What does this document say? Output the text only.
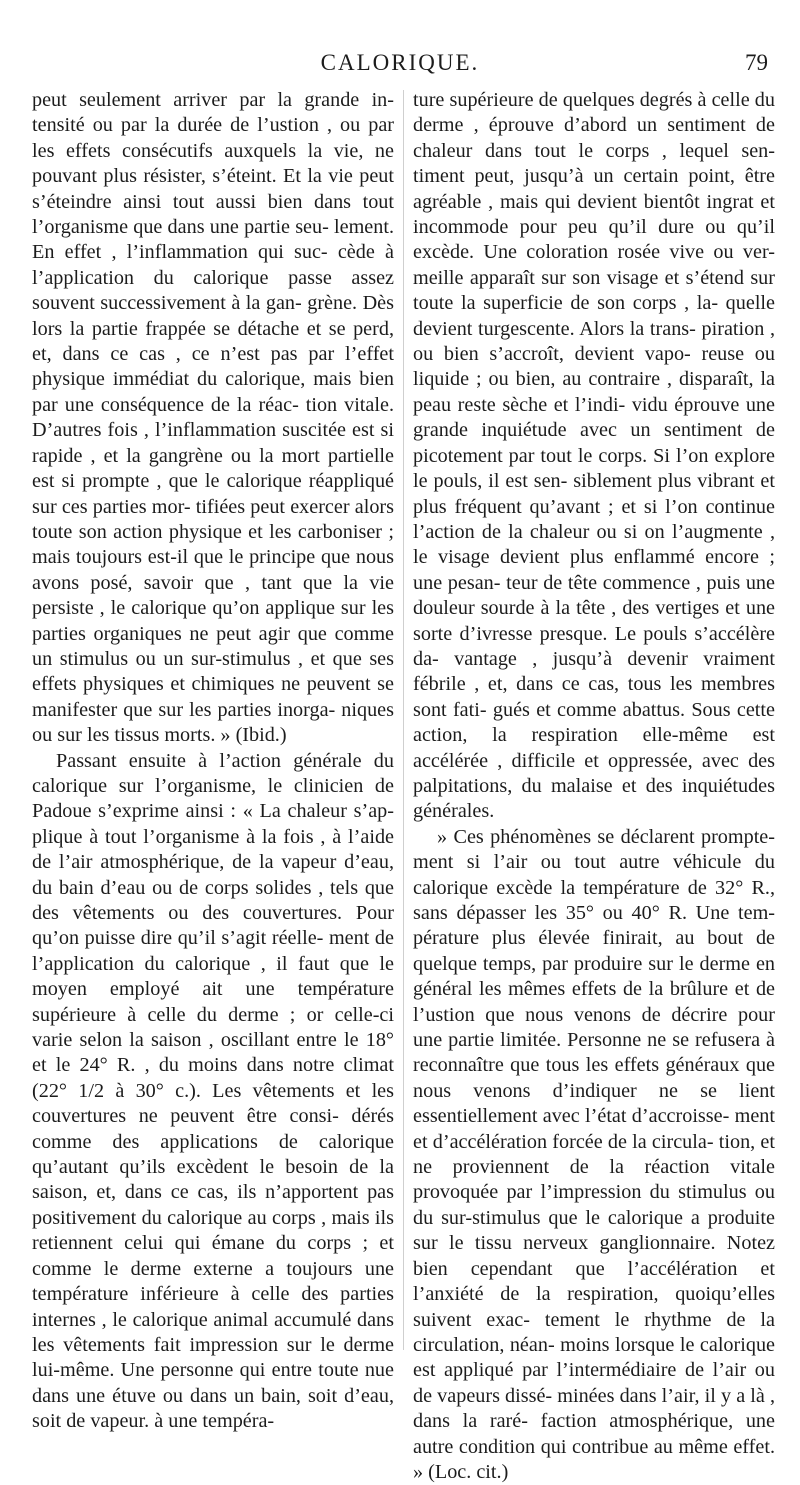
CALORIQUE.	79

peut seulement arriver par la grande in- tensité ou par la durée de l’ustion , ou par les effets consécutifs auxquels la vie, ne pouvant plus résister, s’éteint. Et la vie peut s’éteindre ainsi tout aussi bien dans tout l’organisme que dans une partie seu- lement. En effet , l’inflammation qui suc- cède à l’application du calorique passe assez souvent successivement à la gan- grène. Dès lors la partie frappée se détache et se perd, et, dans ce cas , ce n’est pas par l’effet physique immédiat du calorique, mais bien par une conséquence de la réac- tion vitale. D’autres fois , l’inflammation suscitée est si rapide , et la gangrène ou la mort partielle est si prompte , que le calorique réappliqué sur ces parties mor- tifiées peut exercer alors toute son action physique et les carboniser ; mais toujours est-il que le principe que nous avons posé, savoir que , tant que la vie persiste , le calorique qu’on applique sur les parties organiques ne peut agir que comme un stimulus ou un sur-stimulus , et que ses effets physiques et chimiques ne peuvent se manifester que sur les parties inorga- niques ou sur les tissus morts. » (Ibid.)

Passant ensuite à l’action générale du calorique sur l’organisme, le clinicien de Padoue s’exprime ainsi : « La chaleur s’ap- plique à tout l’organisme à la fois , à l’aide de l’air atmosphérique, de la vapeur d’eau, du bain d’eau ou de corps solides , tels que des vêtements ou des couvertures. Pour qu’on puisse dire qu’il s’agit réelle- ment de l’application du calorique , il faut que le moyen employé ait une température supérieure à celle du derme ; or celle-ci varie selon la saison , oscillant entre le 18° et le 24° R. , du moins dans notre climat (22° 1/2 à 30° c.). Les vêtements et les couvertures ne peuvent être consi- dérés comme des applications de calorique qu’autant qu’ils excèdent le besoin de la saison, et, dans ce cas, ils n’apportent pas positivement du calorique au corps , mais ils retiennent celui qui émane du corps ; et comme le derme externe a toujours une température inférieure à celle des parties internes , le calorique animal accumulé dans les vêtements fait impression sur le derme lui-même. Une personne qui entre toute nue dans une étuve ou dans un bain, soit d’eau, soit de vapeur. à une tempéra-

ture supérieure de quelques degrés à celle du derme , éprouve d’abord un sentiment de chaleur dans tout le corps , lequel sen- timent peut, jusqu’à un certain point, être agréable , mais qui devient bientôt ingrat et incommode pour peu qu’il dure ou qu’il excède. Une coloration rosée vive ou ver- meille apparaît sur son visage et s’étend sur toute la superficie de son corps , la- quelle devient turgescente. Alors la trans- piration , ou bien s’accroît, devient vapo- reuse ou liquide ; ou bien, au contraire , disparaît, la peau reste sèche et l’indi- vidu éprouve une grande inquiétude avec un sentiment de picotement par tout le corps. Si l’on explore le pouls, il est sen- siblement plus vibrant et plus fréquent qu’avant ; et si l’on continue l’action de la chaleur ou si on l’augmente , le visage devient plus enflammé encore ; une pesan- teur de tête commence , puis une douleur sourde à la tête , des vertiges et une sorte d’ivresse presque. Le pouls s’accélère da- vantage , jusqu’à devenir vraiment fébrile , et, dans ce cas, tous les membres sont fati- gués et comme abattus. Sous cette action, la respiration elle-même est accélérée , difficile et oppressée, avec des palpitations, du malaise et des inquiétudes générales.

» Ces phénomènes se déclarent prompte- ment si l’air ou tout autre véhicule du calorique excède la température de 32° R., sans dépasser les 35° ou 40° R. Une tem- pérature plus élevée finirait, au bout de quelque temps, par produire sur le derme en général les mêmes effets de la brûlure et de l’ustion que nous venons de décrire pour une partie limitée. Personne ne se refusera à reconnaître que tous les effets généraux que nous venons d’indiquer ne se lient essentiellement avec l’état d’accroisse- ment et d’accélération forcée de la circula- tion, et ne proviennent de la réaction vitale provoquée par l’impression du stimulus ou du sur-stimulus que le calorique a produite sur le tissu nerveux ganglionnaire. Notez bien cependant que l’accélération et l’anxiété de la respiration, quoiqu’elles suivent exac- tement le rhythme de la circulation, néan- moins lorsque le calorique est appliqué par l’intermédiaire de l’air ou de vapeurs dissé- minées dans l’air, il y a là , dans la raré- faction atmosphérique, une autre condition qui contribue au même effet. » (Loc. cit.)
